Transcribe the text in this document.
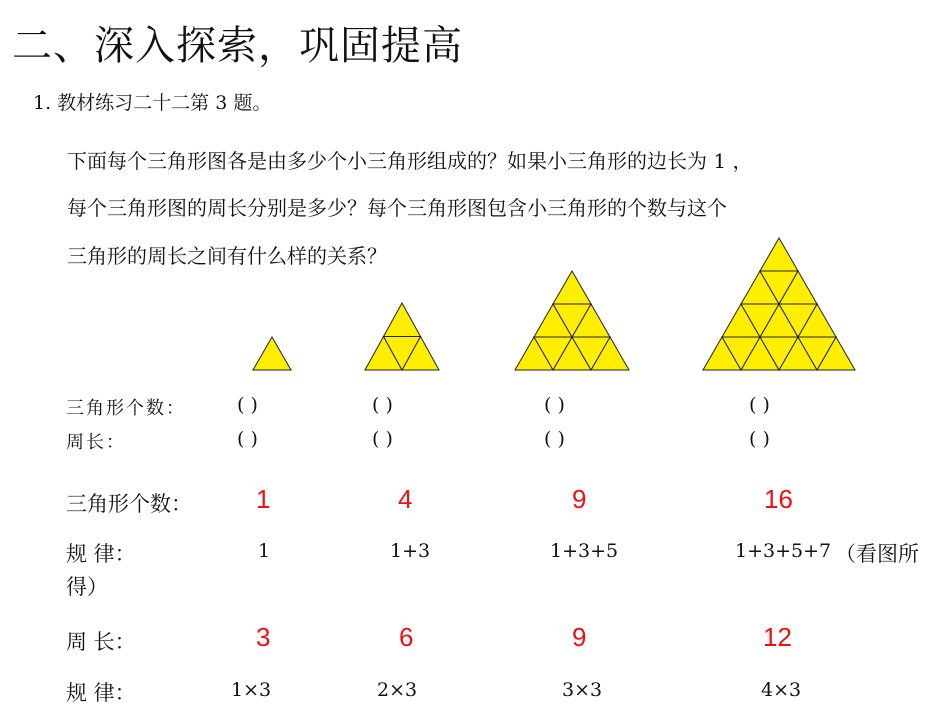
二、深入探索，巩固提高
1. 教材练习二十二第 3 题。
下面每个三角形图各是由多少个小三角形组成的？如果小三角形的边长为 1 ，
每个三角形图的周长分别是多少？每个三角形图包含小三角形的个数与这个
三角形的周长之间有什么样的关系？
三角形个数：	( )	( )	( )	( )
周长：	( )	( )	( )	( )
三角形个数： 1	4	9	16
规 律：	1	1+3	1+3+5	1+3+5+7 （看图所
得）
周 长：	3	6	9	12
规 律：	1×3	2×3	3×3	4×3
